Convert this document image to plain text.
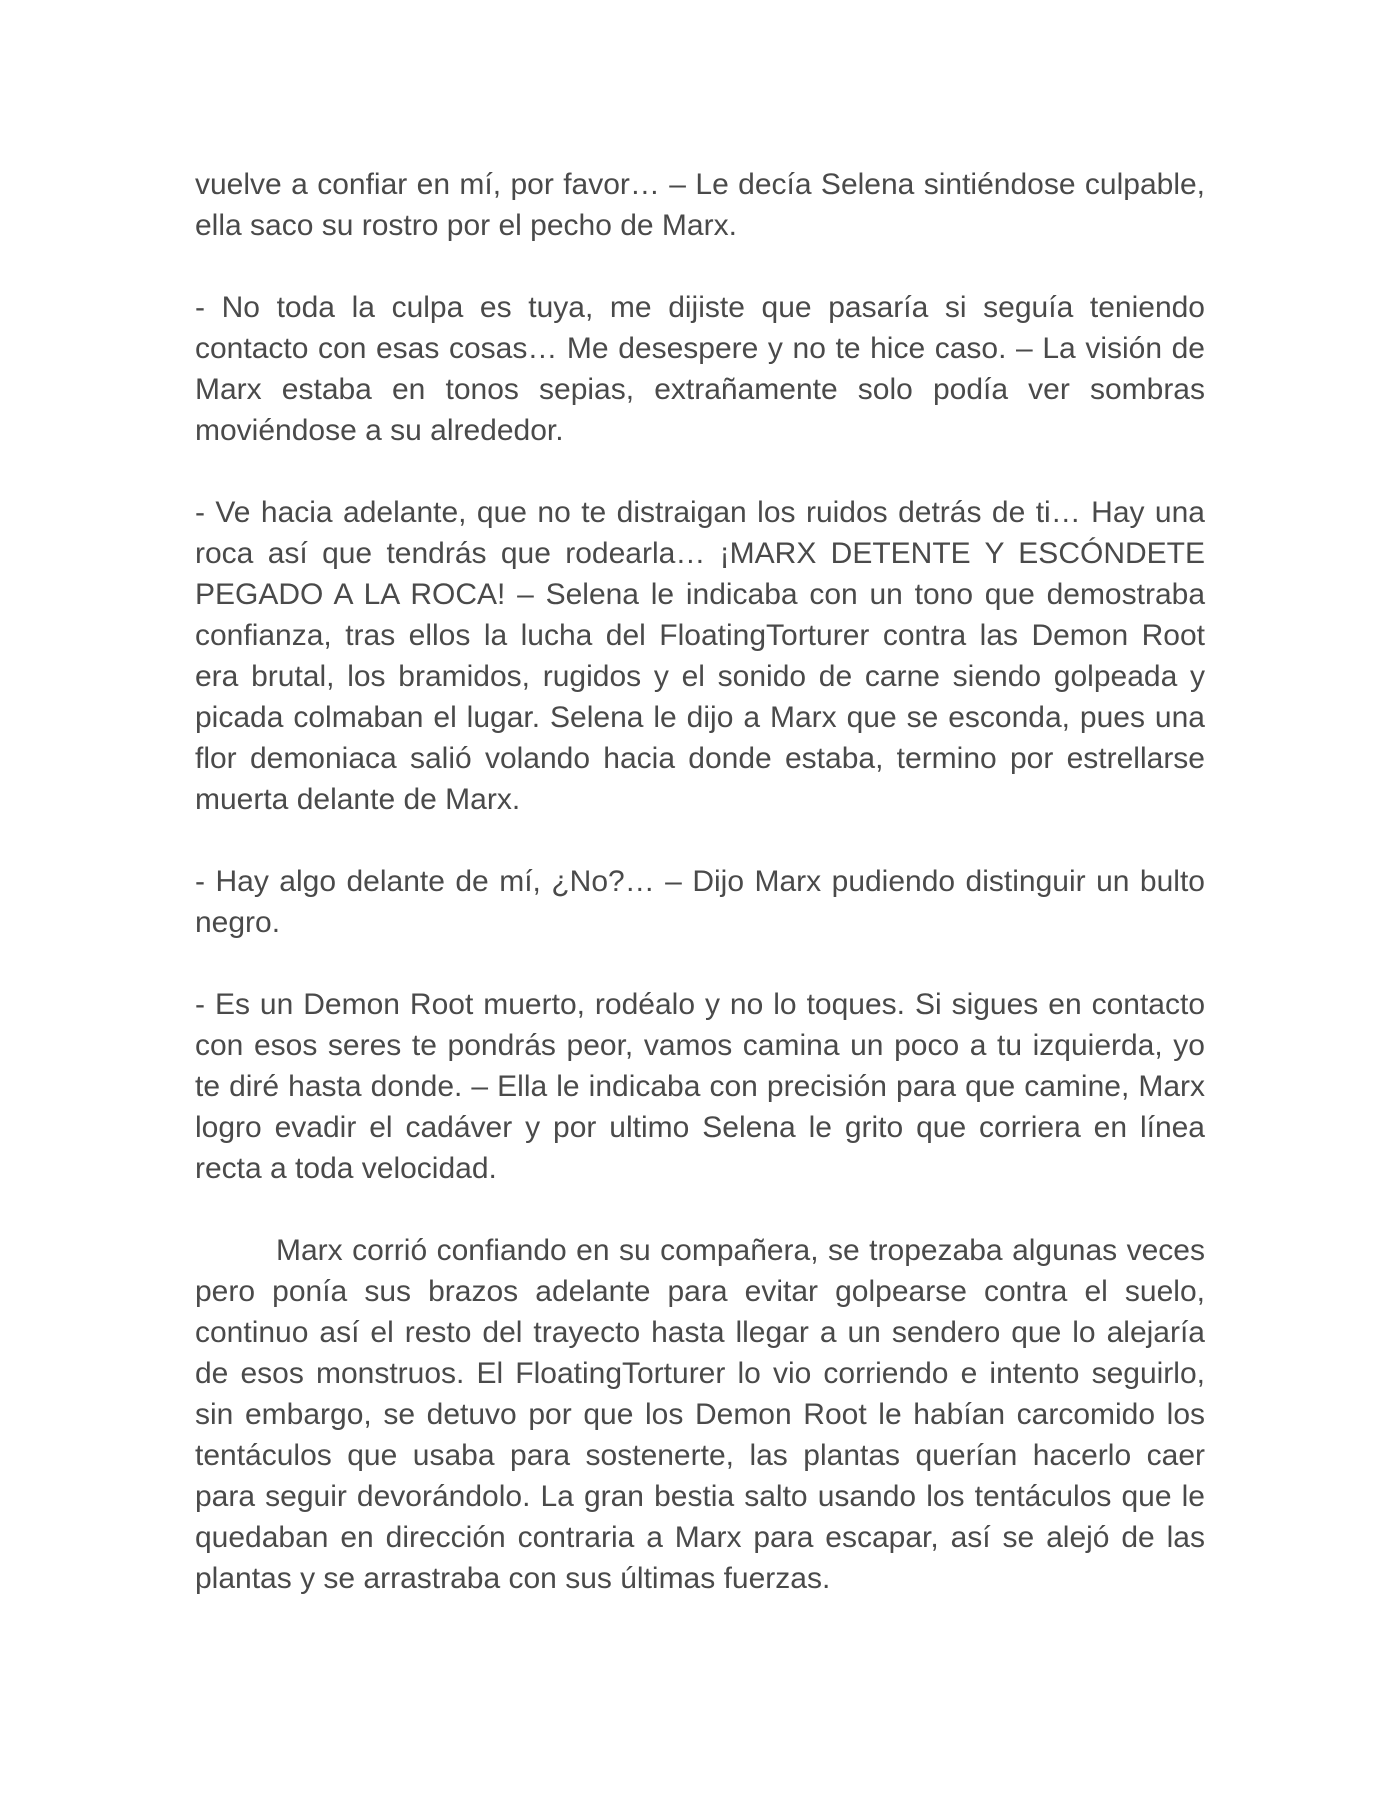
vuelve a confiar en mí, por favor… – Le decía Selena sintiéndose culpable, ella saco su rostro por el pecho de Marx.

- No toda la culpa es tuya, me dijiste que pasaría si seguía teniendo contacto con esas cosas… Me desespere y no te hice caso. – La visión de Marx estaba en tonos sepias, extrañamente solo podía ver sombras moviéndose a su alrededor.

- Ve hacia adelante, que no te distraigan los ruidos detrás de ti… Hay una roca así que tendrás que rodearla… ¡MARX DETENTE Y ESCÓNDETE PEGADO A LA ROCA! – Selena le indicaba con un tono que demostraba confianza, tras ellos la lucha del FloatingTorturer contra las Demon Root era brutal, los bramidos, rugidos y el sonido de carne siendo golpeada y picada colmaban el lugar. Selena le dijo a Marx que se esconda, pues una flor demoniaca salió volando hacia donde estaba, termino por estrellarse muerta delante de Marx.

- Hay algo delante de mí, ¿No?… – Dijo Marx pudiendo distinguir un bulto negro.

- Es un Demon Root muerto, rodéalo y no lo toques. Si sigues en contacto con esos seres te pondrás peor, vamos camina un poco a tu izquierda, yo te diré hasta donde. – Ella le indicaba con precisión para que camine, Marx logro evadir el cadáver y por ultimo Selena le grito que corriera en línea recta a toda velocidad.

Marx corrió confiando en su compañera, se tropezaba algunas veces pero ponía sus brazos adelante para evitar golpearse contra el suelo, continuo así el resto del trayecto hasta llegar a un sendero que lo alejaría de esos monstruos. El FloatingTorturer lo vio corriendo e intento seguirlo, sin embargo, se detuvo por que los Demon Root le habían carcomido los tentáculos que usaba para sostenerte, las plantas querían hacerlo caer para seguir devorándolo. La gran bestia salto usando los tentáculos que le quedaban en dirección contraria a Marx para escapar, así se alejó de las plantas y se arrastraba con sus últimas fuerzas.
